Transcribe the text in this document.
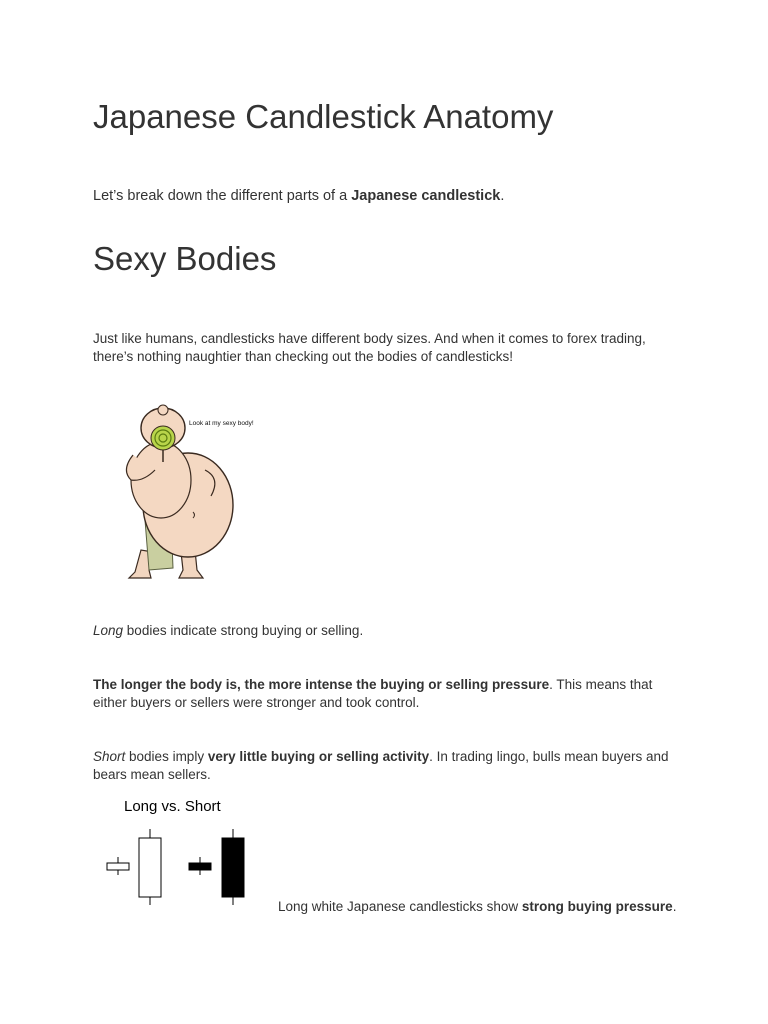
Japanese Candlestick Anatomy

Let’s break down the different parts of a Japanese candlestick.

Sexy Bodies

Just like humans, candlesticks have different body sizes. And when it comes to forex trading, there’s nothing naughtier than checking out the bodies of candlesticks!

Look at my sexy body!

Long bodies indicate strong buying or selling.

The longer the body is, the more intense the buying or selling pressure. This means that either buyers or sellers were stronger and took control.

Short bodies imply very little buying or selling activity. In trading lingo, bulls mean buyers and bears mean sellers.

Long vs. Short

Long white Japanese candlesticks show strong buying pressure.
